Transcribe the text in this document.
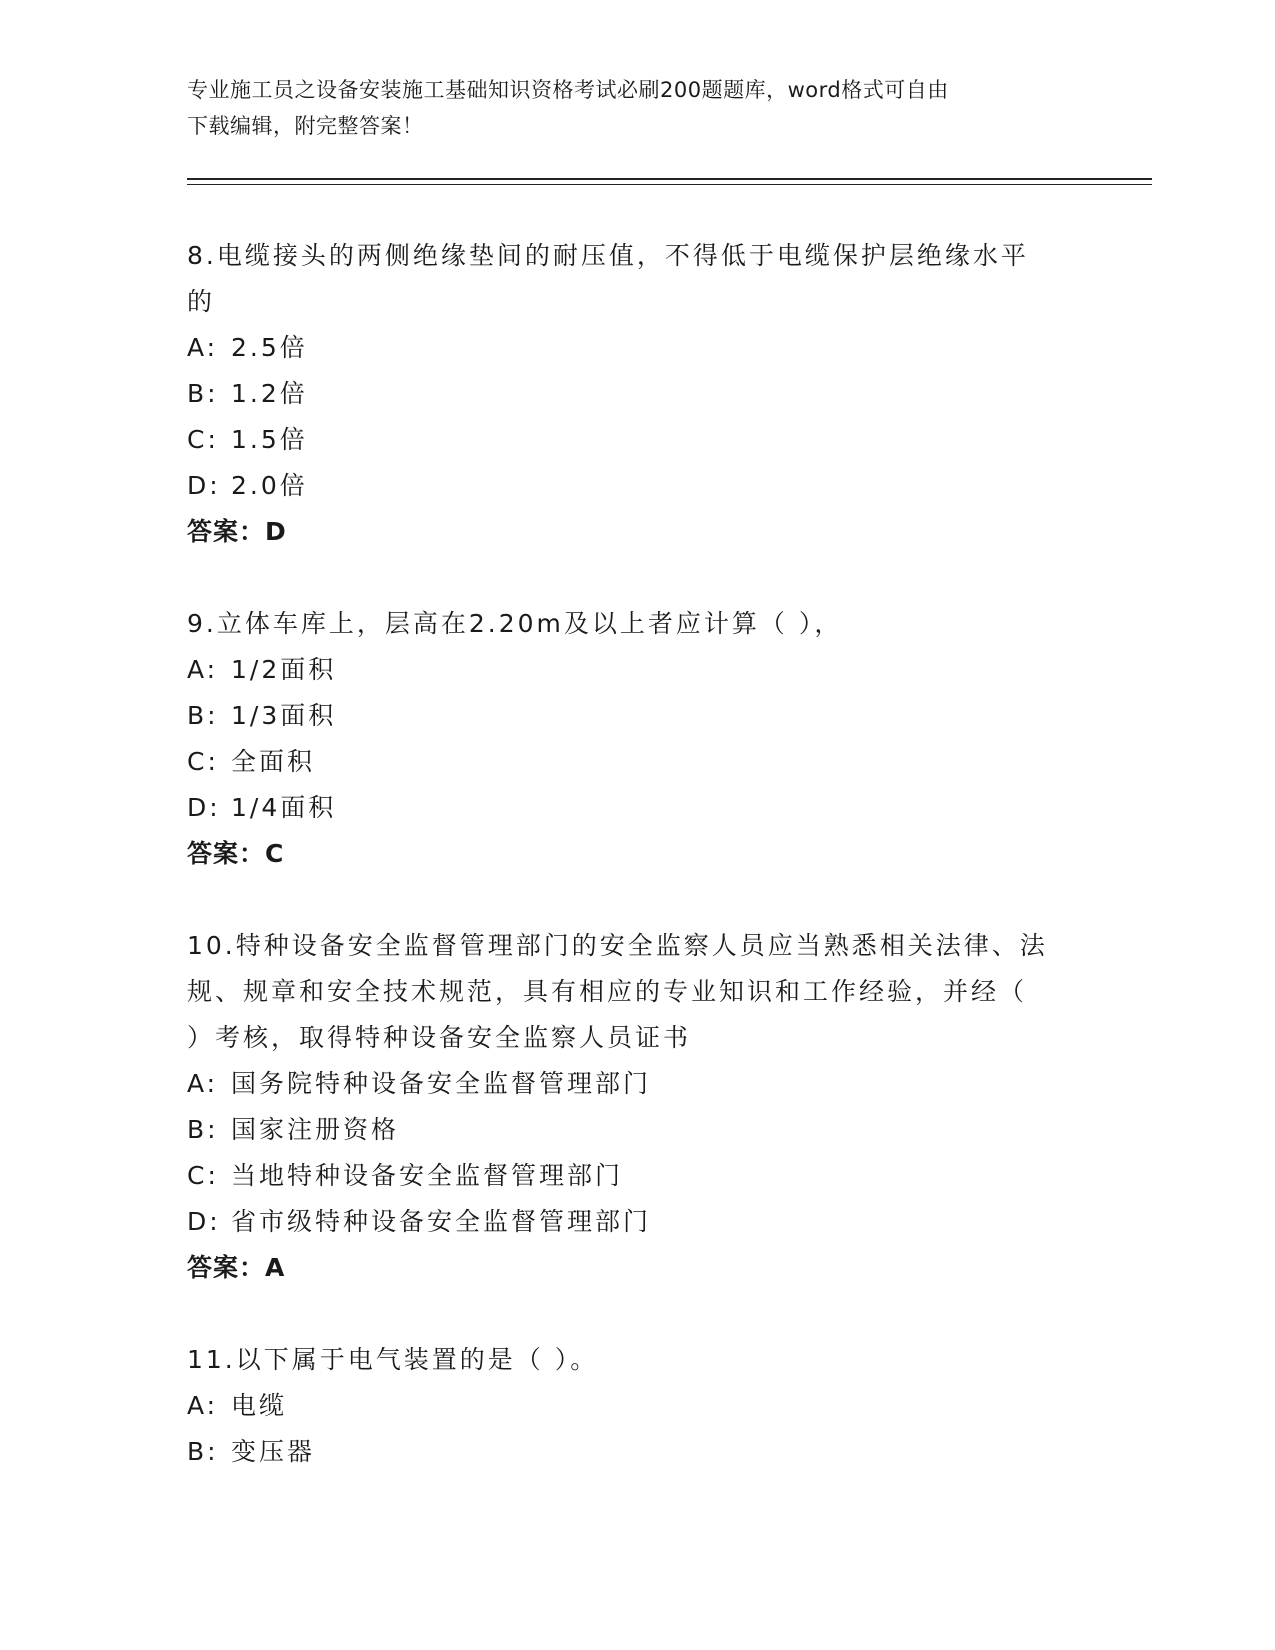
专业施工员之设备安装施工基础知识资格考试必刷200题题库，word格式可自由
下载编辑，附完整答案！
8.电缆接头的两侧绝缘垫间的耐压值，不得低于电缆保护层绝缘水平
的
A: 2.5倍
B: 1.2倍
C: 1.5倍
D: 2.0倍
答案：D
9.立体车库上，层高在2.20m及以上者应计算（ ），
A: 1/2面积
B: 1/3面积
C: 全面积
D: 1/4面积
答案：C
10.特种设备安全监督管理部门的安全监察人员应当熟悉相关法律、法
规、规章和安全技术规范，具有相应的专业知识和工作经验，并经（
）考核，取得特种设备安全监察人员证书
A: 国务院特种设备安全监督管理部门
B: 国家注册资格
C: 当地特种设备安全监督管理部门
D: 省市级特种设备安全监督管理部门
答案：A
11.以下属于电气装置的是（ ）。
A: 电缆
B: 变压器
